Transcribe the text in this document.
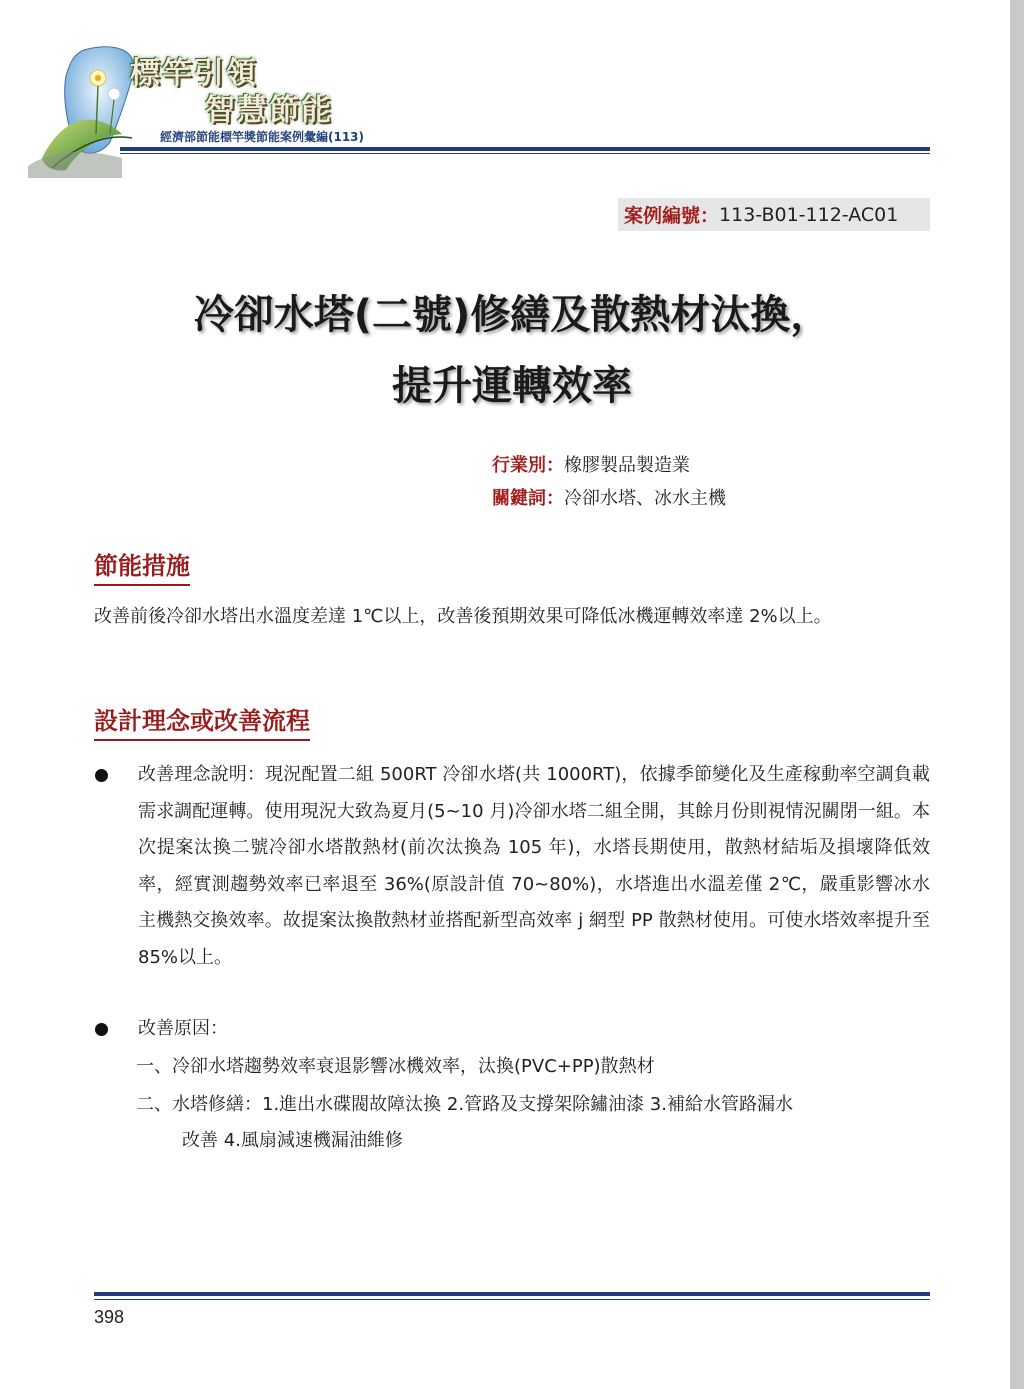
標竿引領
智慧節能
經濟部節能標竿獎節能案例彙編(113)
案例編號： 113-B01-112-AC01
冷卻水塔(二號)修繕及散熱材汰換，
提升運轉效率
行業別：橡膠製品製造業
關鍵詞：冷卻水塔、冰水主機
節能措施
改善前後冷卻水塔出水溫度差達 1℃以上，改善後預期效果可降低冰機運轉效率達 2%以上。
設計理念或改善流程
改善理念說明：現況配置二組 500RT 冷卻水塔(共 1000RT)，依據季節變化及生產稼動率空調負載需求調配運轉。使用現況大致為夏月(5~10 月)冷卻水塔二組全開，其餘月份則視情況關閉一組。本次提案汰換二號冷卻水塔散熱材(前次汰換為 105 年)，水塔長期使用，散熱材結垢及損壞降低效率，經實測趨勢效率已率退至 36%(原設計值 70~80%)，水塔進出水溫差僅 2℃，嚴重影響冰水主機熱交換效率。故提案汰換散熱材並搭配新型高效率 j 網型 PP 散熱材使用。可使水塔效率提升至 85%以上。
改善原因：
一、冷卻水塔趨勢效率衰退影響冰機效率，汰換(PVC+PP)散熱材
二、水塔修繕：1.進出水碟閥故障汰換 2.管路及支撐架除鏽油漆 3.補給水管路漏水
改善 4.風扇減速機漏油維修
398
